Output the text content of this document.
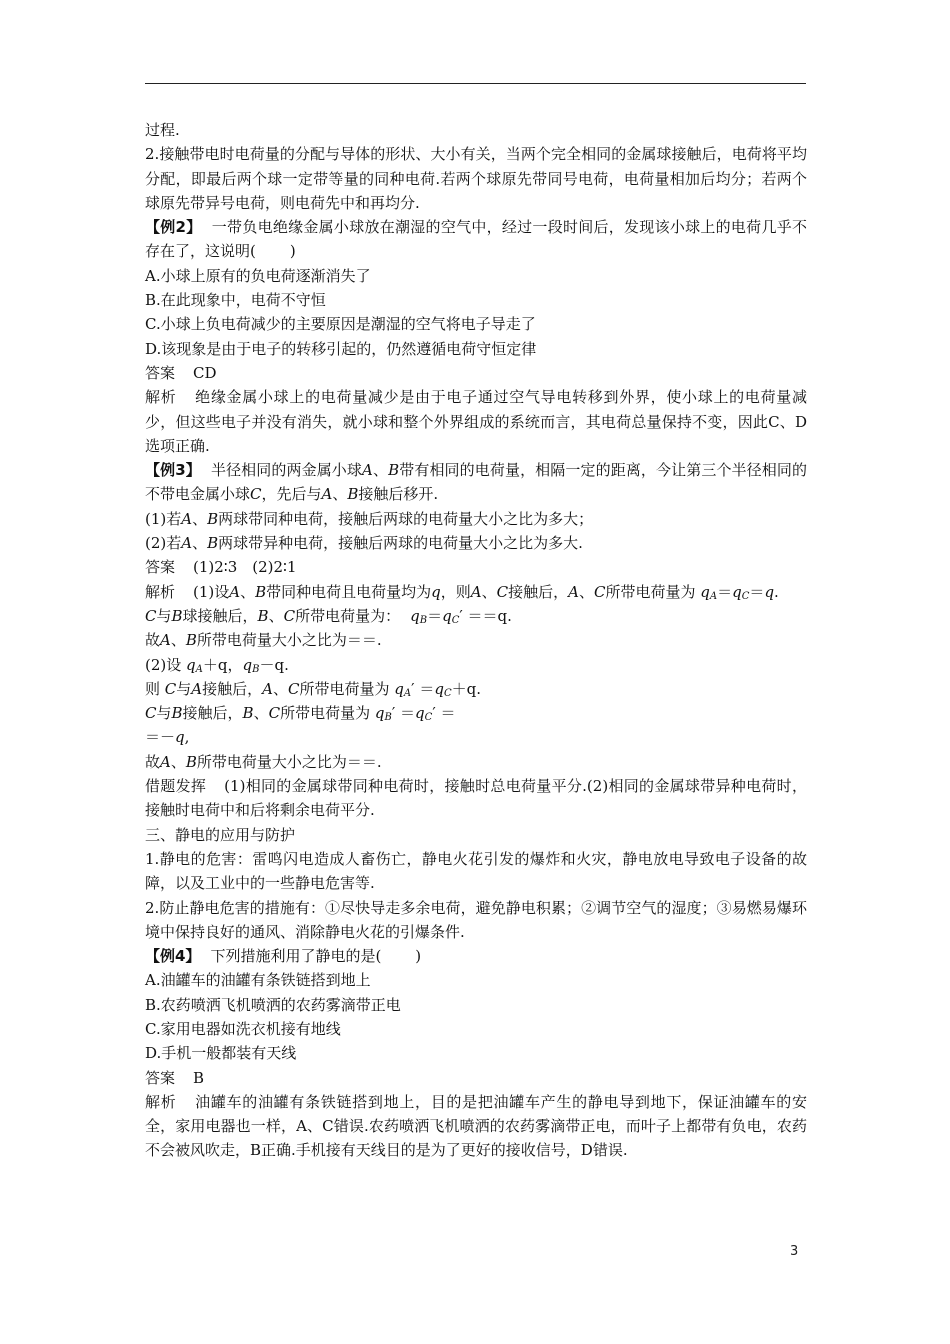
过程.

2.接触带电时电荷量的分配与导体的形状、大小有关，当两个完全相同的金属球接触后，电荷将平均分配，即最后两个球一定带等量的同种电荷.若两个球原先带同号电荷，电荷量相加后均分；若两个球原先带异号电荷，则电荷先中和再均分.

【例2】 一带负电绝缘金属小球放在潮湿的空气中，经过一段时间后，发现该小球上的电荷几乎不存在了，这说明( )

A.小球上原有的负电荷逐渐消失了

B.在此现象中，电荷不守恒

C.小球上负电荷减少的主要原因是潮湿的空气将电子导走了

D.该现象是由于电子的转移引起的，仍然遵循电荷守恒定律

答案 CD

解析 绝缘金属小球上的电荷量减少是由于电子通过空气导电转移到外界，使小球上的电荷量减少，但这些电子并没有消失，就小球和整个外界组成的系统而言，其电荷总量保持不变，因此C、D选项正确.

【例3】 半径相同的两金属小球A、B带有相同的电荷量，相隔一定的距离，今让第三个半径相同的不带电金属小球C，先后与A、B接触后移开.

(1)若A、B两球带同种电荷，接触后两球的电荷量大小之比为多大；

(2)若A、B两球带异种电荷，接触后两球的电荷量大小之比为多大.

答案 (1)2∶3　(2)2∶1

解析 (1)设A、B带同种电荷且电荷量均为q，则A、C接触后，A、C所带电荷量为 $q_A=q_C=q$.

C与B球接触后，B、C所带电荷量为： $q_B=q_C' ==q$.

故A、B所带电荷量大小之比为＝＝.

(2)设 $q_A+q$，$q_B-q$.

则 C与A接触后，A、C所带电荷量为 $q_A' =q_C+q$.

C与B接触后，B、C所带电荷量为 $q_B' =q_C'$ ＝

＝－q,

故A、B所带电荷量大小之比为＝＝.

借题发挥 (1)相同的金属球带同种电荷时，接触时总电荷量平分.(2)相同的金属球带异种电荷时，接触时电荷中和后将剩余电荷平分.

三、静电的应用与防护

1.静电的危害：雷鸣闪电造成人畜伤亡，静电火花引发的爆炸和火灾，静电放电导致电子设备的故障，以及工业中的一些静电危害等.

2.防止静电危害的措施有：①尽快导走多余电荷，避免静电积累；②调节空气的湿度；③易燃易爆环境中保持良好的通风、消除静电火花的引爆条件.

【例4】 下列措施利用了静电的是( )

A.油罐车的油罐有条铁链搭到地上

B.农药喷洒飞机喷洒的农药雾滴带正电

C.家用电器如洗衣机接有地线

D.手机一般都装有天线

答案 B

解析 油罐车的油罐有条铁链搭到地上，目的是把油罐车产生的静电导到地下，保证油罐车的安全，家用电器也一样，A、C错误.农药喷洒飞机喷洒的农药雾滴带正电，而叶子上都带有负电，农药不会被风吹走，B正确.手机接有天线目的是为了更好的接收信号，D错误.

3
